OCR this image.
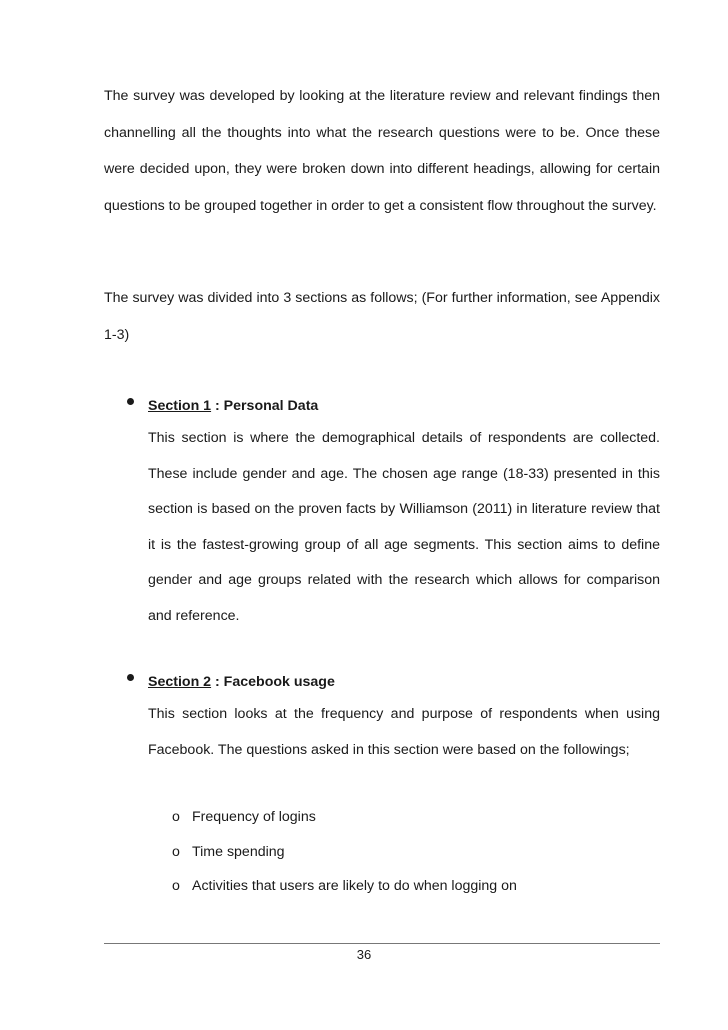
The survey was developed by looking at the literature review and relevant findings then channelling all the thoughts into what the research questions were to be. Once these were decided upon, they were broken down into different headings, allowing for certain questions to be grouped together in order to get a consistent flow throughout the survey.

The survey was divided into 3 sections as follows; (For further information, see Appendix 1-3)

Section 1 : Personal Data

This section is where the demographical details of respondents are collected. These include gender and age. The chosen age range (18-33) presented in this section is based on the proven facts by Williamson (2011) in literature review that it is the fastest-growing group of all age segments. This section aims to define gender and age groups related with the research which allows for comparison and reference.

Section 2 : Facebook usage

This section looks at the frequency and purpose of respondents when using Facebook. The questions asked in this section were based on the followings;

o Frequency of logins

o Time spending

o Activities that users are likely to do when logging on

36
